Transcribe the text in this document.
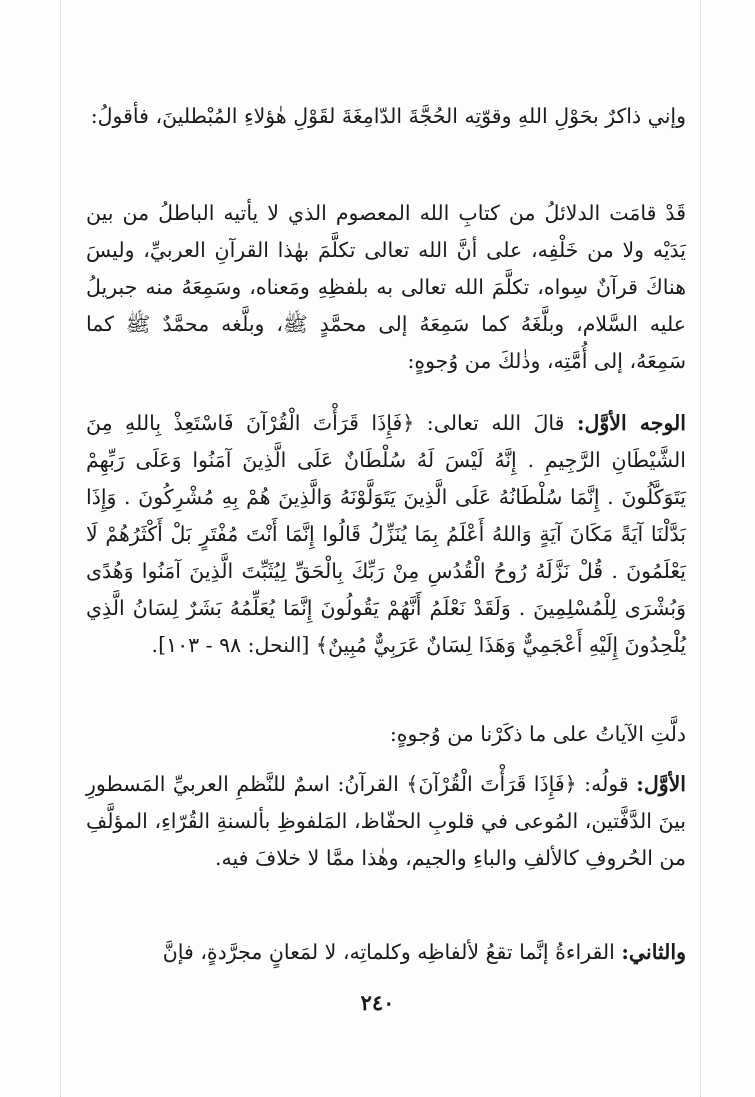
وإني ذاكرٌ بحَوْلِ اللهِ وقوّتِه الحُجَّةَ الدّامِغَةَ لقَوْلِ هٰؤلاءِ المُبْطلينَ، فأقولُ:

قَدْ قامَت الدلائلُ من كتابِ الله المعصوم الذي لا يأتيه الباطلُ من بين يَدَيْه ولا من خَلْفِه، على أنَّ الله تعالى تكلَّمَ بهٰذا القرآنِ العربيِّ، وليسَ هناكَ قرآنٌ سِواه، تكلَّمَ الله تعالى به بلفظِهِ ومَعناه، وسَمِعَهُ منه جبريلُ عليه السَّلام، وبلَّغَهُ كما سَمِعَهُ إلى محمَّدٍ ﷺ، وبلَّغه محمَّدٌ ﷺ كما سَمِعَهُ، إلى أُمَّتِه، وذٰلكَ من وُجوهٍ:

الوجه الأوَّل: قالَ الله تعالى: ﴿فَإِذَا قَرَأْتَ الْقُرْآنَ فَاسْتَعِذْ بِاللهِ مِنَ الشَّيْطَانِ الرَّجِيمِ . إِنَّهُ لَيْسَ لَهُ سُلْطَانٌ عَلَى الَّذِينَ آمَنُوا وَعَلَى رَبِّهِمْ يَتَوَكَّلُونَ . إِنَّمَا سُلْطَانُهُ عَلَى الَّذِينَ يَتَوَلَّوْنَهُ وَالَّذِينَ هُمْ بِهِ مُشْرِكُونَ . وَإِذَا بَدَّلْنَا آيَةً مَكَانَ آيَةٍ وَاللهُ أَعْلَمُ بِمَا يُنَزِّلُ قَالُوا إِنَّمَا أَنْتَ مُفْتَرٍ بَلْ أَكْثَرُهُمْ لَا يَعْلَمُونَ . قُلْ نَزَّلَهُ رُوحُ الْقُدُسِ مِنْ رَبِّكَ بِالْحَقِّ لِيُثَبِّتَ الَّذِينَ آمَنُوا وَهُدًى وَبُشْرَى لِلْمُسْلِمِينَ . وَلَقَدْ نَعْلَمُ أَنَّهُمْ يَقُولُونَ إِنَّمَا يُعَلِّمُهُ بَشَرٌ لِسَانُ الَّذِي يُلْحِدُونَ إِلَيْهِ أَعْجَمِيٌّ وَهَذَا لِسَانٌ عَرَبِيٌّ مُبِينٌ﴾ [النحل: ٩٨ - ١٠٣].

دلَّتِ الآياتُ على ما ذكَرْنا من وُجوهٍ:

الأوَّل: قولُه: ﴿فَإِذَا قَرَأْتَ الْقُرْآنَ﴾ القرآنُ: اسمٌ للنَّظمِ العربيِّ المَسطورِ بينَ الدَّفَّتين، المُوعى في قلوبِ الحفّاظ، المَلفوظِ بألسنةِ القُرّاءِ، المؤلَّفِ من الحُروفِ كالألفِ والباءِ والجيم، وهٰذا ممَّا لا خلافَ فيه.

والثاني: القراءةُ إنَّما تقعُ لألفاظِه وكلماتِه، لا لمَعانٍ مجرَّدةٍ، فإنَّ

٢٤٠
